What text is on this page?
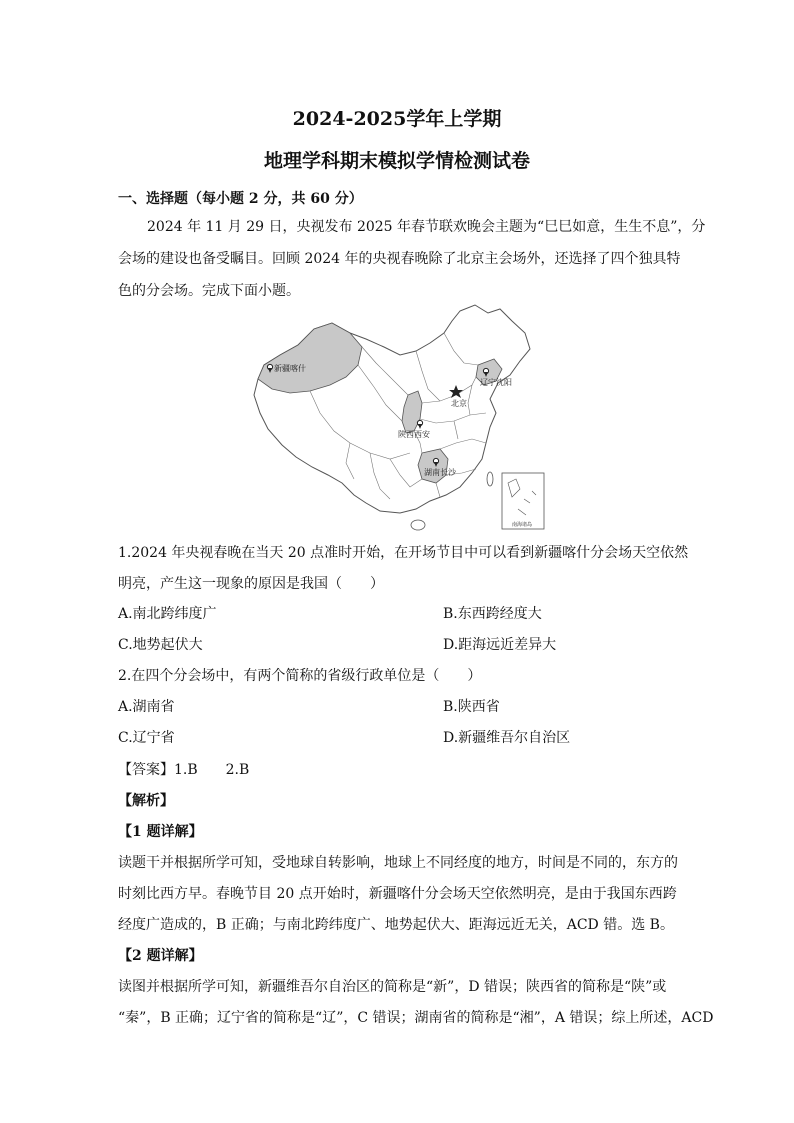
2024-2025学年上学期
地理学科期末模拟学情检测试卷
一、选择题（每小题 2 分，共 60 分）
2024 年 11 月 29 日，央视发布 2025 年春节联欢晚会主题为“巳巳如意，生生不息”，分
会场的建设也备受瞩目。回顾 2024 年的央视春晚除了北京主会场外，还选择了四个独具特
色的分会场。完成下面小题。
南海诸岛
新疆喀什
辽宁沈阳
北京
陕西西安
湖南长沙
1.2024 年央视春晚在当天 20 点准时开始，在开场节目中可以看到新疆喀什分会场天空依然
明亮，产生这一现象的原因是我国（　　）
A.南北跨纬度广	B.东西跨经度大
C.地势起伏大	D.距海远近差异大
2.在四个分会场中，有两个简称的省级行政单位是（　　）
A.湖南省	B.陕西省
C.辽宁省	D.新疆维吾尔自治区
【答案】1.B　　2.B
【解析】
【1 题详解】
读题干并根据所学可知，受地球自转影响，地球上不同经度的地方，时间是不同的，东方的
时刻比西方早。春晚节目 20 点开始时，新疆喀什分会场天空依然明亮，是由于我国东西跨
经度广造成的，B 正确；与南北跨纬度广、地势起伏大、距海远近无关，ACD 错。选 B。
【2 题详解】
读图并根据所学可知，新疆维吾尔自治区的简称是“新”，D 错误；陕西省的简称是“陕”或
“秦”，B 正确；辽宁省的简称是“辽”，C 错误；湖南省的简称是“湘”，A 错误；综上所述，ACD
